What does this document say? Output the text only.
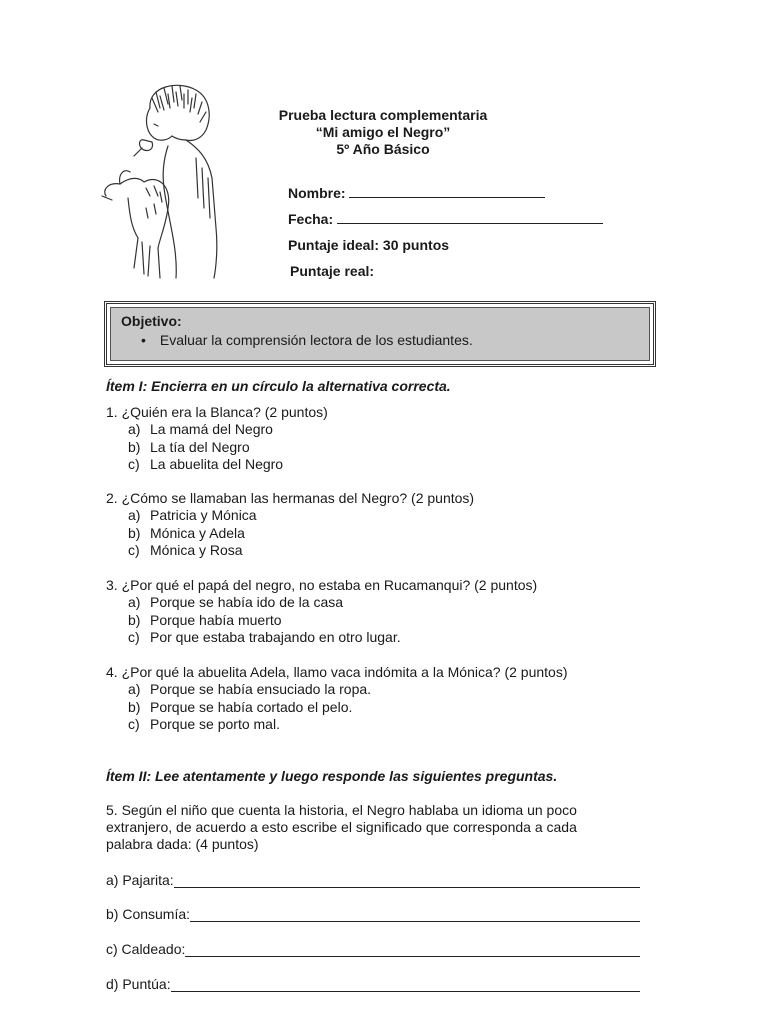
Prueba lectura complementaria
“Mi amigo el Negro”
5º Año Básico
Nombre:
Fecha:
Puntaje ideal: 30 puntos
Puntaje real:
Objetivo:
• Evaluar la comprensión lectora de los estudiantes.
Ítem I: Encierra en un círculo la alternativa correcta.
1. ¿Quién era la Blanca? (2 puntos)
a) La mamá del Negro
b) La tía del Negro
c) La abuelita del Negro
2. ¿Cómo se llamaban las hermanas del Negro? (2 puntos)
a) Patricia y Mónica
b) Mónica y Adela
c) Mónica y Rosa
3. ¿Por qué el papá del negro, no estaba en Rucamanqui? (2 puntos)
a) Porque se había ido de la casa
b) Porque había muerto
c) Por que estaba trabajando en otro lugar.
4. ¿Por qué la abuelita Adela, llamo vaca indómita a la Mónica? (2 puntos)
a) Porque se había ensuciado la ropa.
b) Porque se había cortado el pelo.
c) Porque se porto mal.
Ítem II: Lee atentamente y luego responde las siguientes preguntas.
5. Según el niño que cuenta la historia, el Negro hablaba un idioma un poco
extranjero, de acuerdo a esto escribe el significado que corresponda a cada
palabra dada: (4 puntos)
a) Pajarita:
b) Consumía:
c) Caldeado:
d) Puntúa:
